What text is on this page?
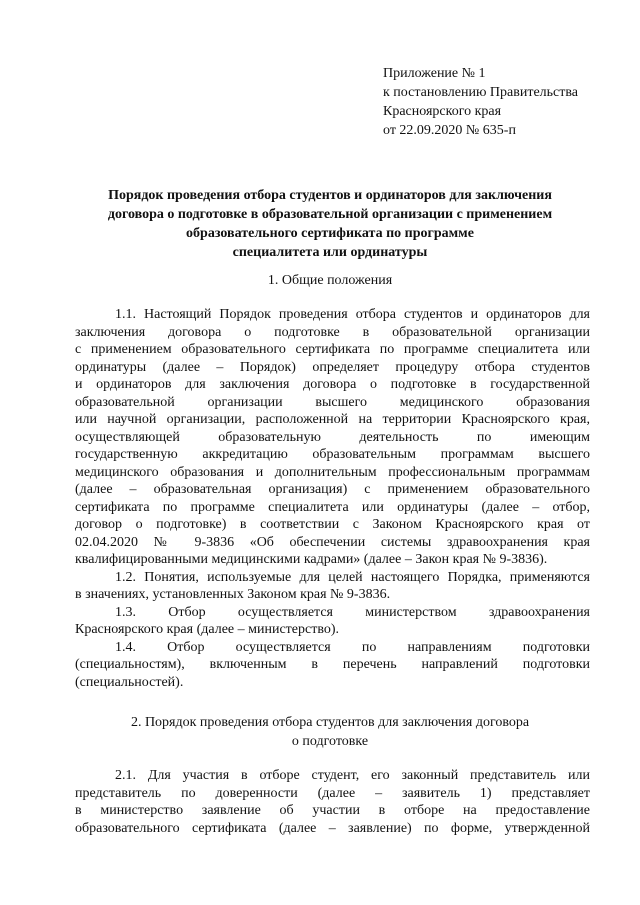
Приложение № 1
к постановлению Правительства
Красноярского края
от 22.09.2020 № 635-п
Порядок проведения отбора студентов и ординаторов для заключения
договора о подготовке в образовательной организации с применением
образовательного сертификата по программе
специалитета или ординатуры
1. Общие положения
1.1. Настоящий Порядок проведения отбора студентов и ординаторов для
заключения договора о подготовке в образовательной организации
с применением образовательного сертификата по программе специалитета или
ординатуры (далее – Порядок) определяет процедуру отбора студентов
и ординаторов для заключения договора о подготовке в государственной
образовательной организации высшего медицинского образования
или научной организации, расположенной на территории Красноярского края,
осуществляющей образовательную деятельность по имеющим
государственную аккредитацию образовательным программам высшего
медицинского образования и дополнительным профессиональным программам
(далее – образовательная организация) с применением образовательного
сертификата по программе специалитета или ординатуры (далее – отбор,
договор о подготовке) в соответствии с Законом Красноярского края от
02.04.2020 № 9-3836 «Об обеспечении системы здравоохранения края
квалифицированными медицинскими кадрами» (далее – Закон края № 9-3836).
1.2. Понятия, используемые для целей настоящего Порядка, применяются
в значениях, установленных Законом края № 9-3836.
1.3. Отбор осуществляется министерством здравоохранения
Красноярского края (далее – министерство).
1.4. Отбор осуществляется по направлениям подготовки
(специальностям), включенным в перечень направлений подготовки
(специальностей).
2. Порядок проведения отбора студентов для заключения договора
о подготовке
2.1. Для участия в отборе студент, его законный представитель или
представитель по доверенности (далее – заявитель 1) представляет
в министерство заявление об участии в отборе на предоставление
образовательного сертификата (далее – заявление) по форме, утвержденной
